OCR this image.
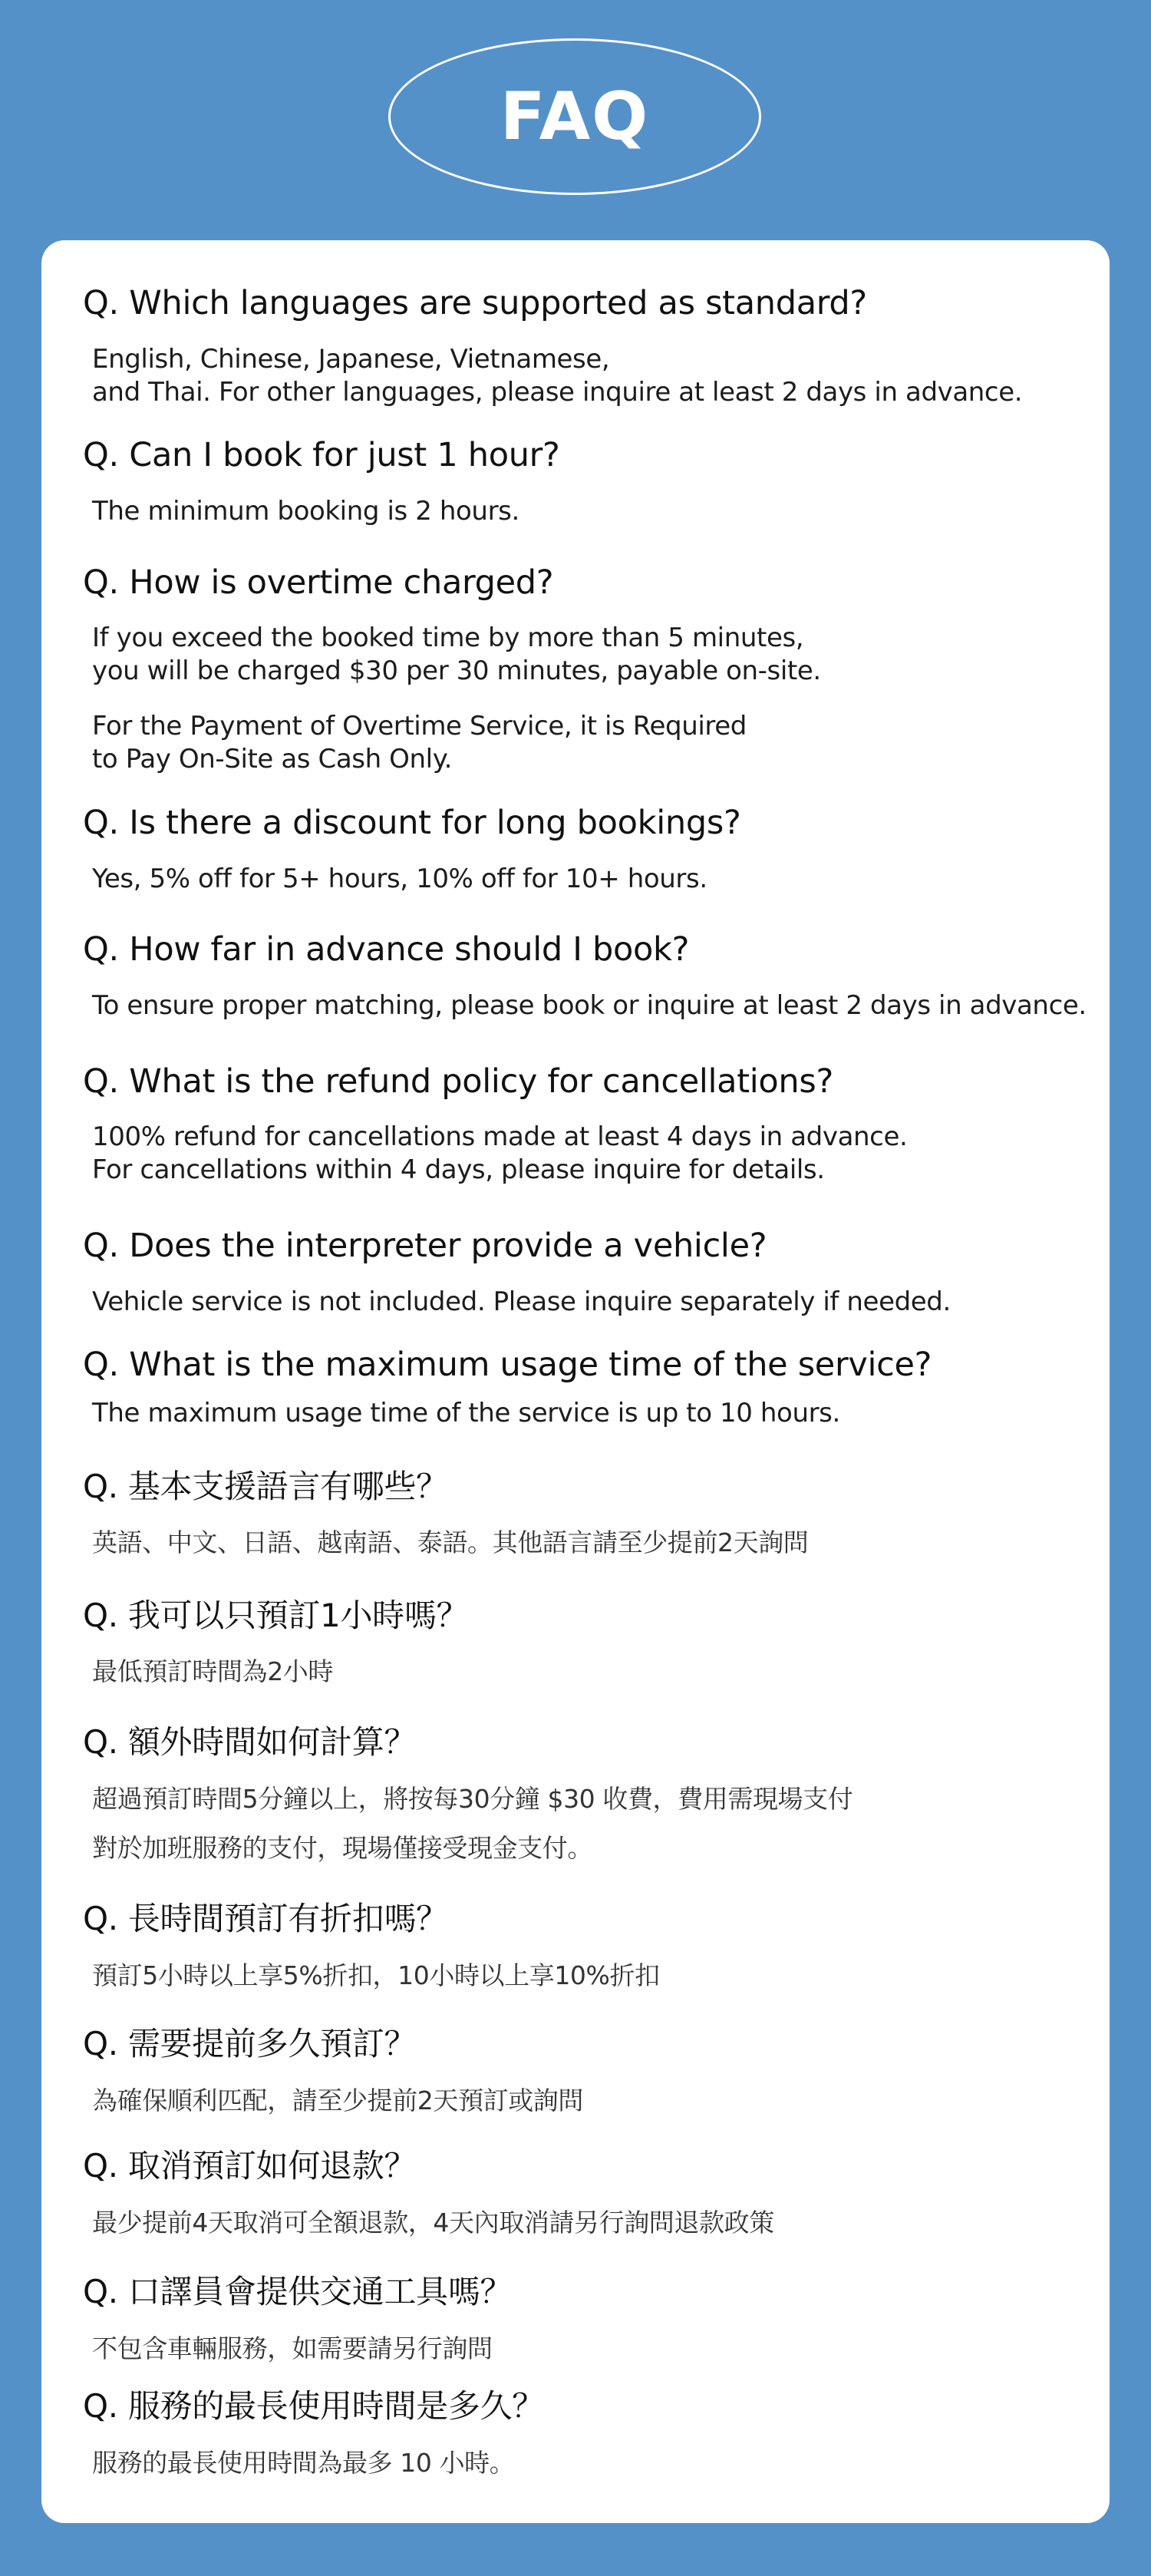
FAQ
Q. Which languages are supported as standard?
English, Chinese, Japanese, Vietnamese,
and Thai. For other languages, please inquire at least 2 days in advance.
Q. Can I book for just 1 hour?
The minimum booking is 2 hours.
Q. How is overtime charged?
If you exceed the booked time by more than 5 minutes,
you will be charged $30 per 30 minutes, payable on-site.
For the Payment of Overtime Service, it is Required
to Pay On-Site as Cash Only.
Q. Is there a discount for long bookings?
Yes, 5% off for 5+ hours, 10% off for 10+ hours.
Q. How far in advance should I book?
To ensure proper matching, please book or inquire at least 2 days in advance.
Q. What is the refund policy for cancellations?
100% refund for cancellations made at least 4 days in advance.
For cancellations within 4 days, please inquire for details.
Q. Does the interpreter provide a vehicle?
Vehicle service is not included. Please inquire separately if needed.
Q. What is the maximum usage time of the service?
The maximum usage time of the service is up to 10 hours.
Q. 基本支援語言有哪些？
英語、中文、日語、越南語、泰語。其他語言請至少提前2天詢問
Q. 我可以只預訂1小時嗎？
最低預訂時間為2小時
Q. 額外時間如何計算？
超過預訂時間5分鐘以上，將按每30分鐘 $30 收費，費用需現場支付
對於加班服務的支付，現場僅接受現金支付。
Q. 長時間預訂有折扣嗎？
預訂5小時以上享5%折扣，10小時以上享10%折扣
Q. 需要提前多久預訂？
為確保順利匹配，請至少提前2天預訂或詢問
Q. 取消預訂如何退款？
最少提前4天取消可全額退款，4天內取消請另行詢問退款政策
Q. 口譯員會提供交通工具嗎？
不包含車輛服務，如需要請另行詢問
Q. 服務的最長使用時間是多久？
服務的最長使用時間為最多 10 小時。
